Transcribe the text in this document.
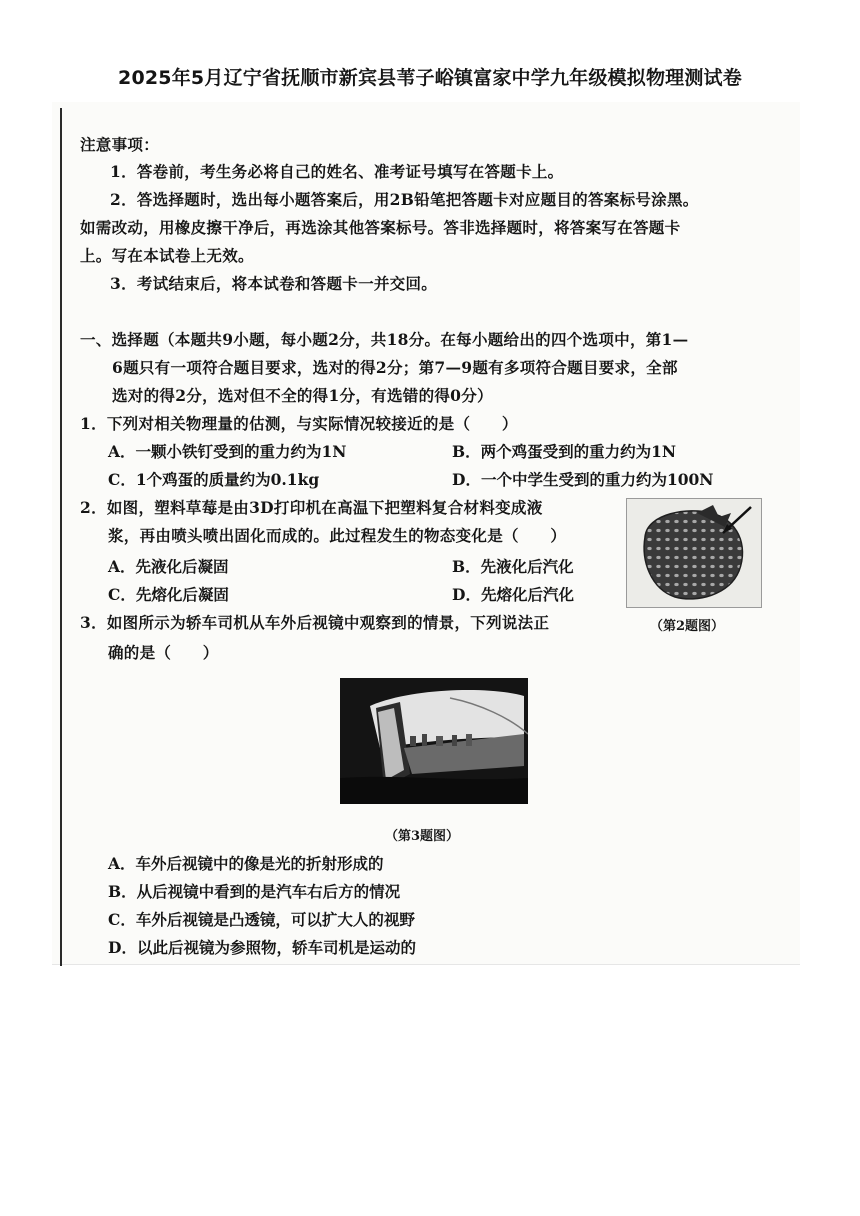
2025年5月辽宁省抚顺市新宾县苇子峪镇富家中学九年级模拟物理测试卷
注意事项：
1．答卷前，考生务必将自己的姓名、准考证号填写在答题卡上。
2．答选择题时，选出每小题答案后，用2B铅笔把答题卡对应题目的答案标号涂黑。
如需改动，用橡皮擦干净后，再选涂其他答案标号。答非选择题时，将答案写在答题卡
上。写在本试卷上无效。
3．考试结束后，将本试卷和答题卡一并交回。
一、选择题（本题共9小题，每小题2分，共18分。在每小题给出的四个选项中，第1—
6题只有一项符合题目要求，选对的得2分；第7—9题有多项符合题目要求，全部
选对的得2分，选对但不全的得1分，有选错的得0分）
1．下列对相关物理量的估测，与实际情况较接近的是（　　）
A．一颗小铁钉受到的重力约为1N	B．两个鸡蛋受到的重力约为1N
C．1个鸡蛋的质量约为0.1kg	D．一个中学生受到的重力约为100N
2．如图，塑料草莓是由3D打印机在高温下把塑料复合材料变成液
浆，再由喷头喷出固化而成的。此过程发生的物态变化是（　　）
A．先液化后凝固	B．先液化后汽化
C．先熔化后凝固	D．先熔化后汽化
（第2题图）
3．如图所示为轿车司机从车外后视镜中观察到的情景，下列说法正
确的是（　　）
（第3题图）
A．车外后视镜中的像是光的折射形成的
B．从后视镜中看到的是汽车右后方的情况
C．车外后视镜是凸透镜，可以扩大人的视野
D．以此后视镜为参照物，轿车司机是运动的
